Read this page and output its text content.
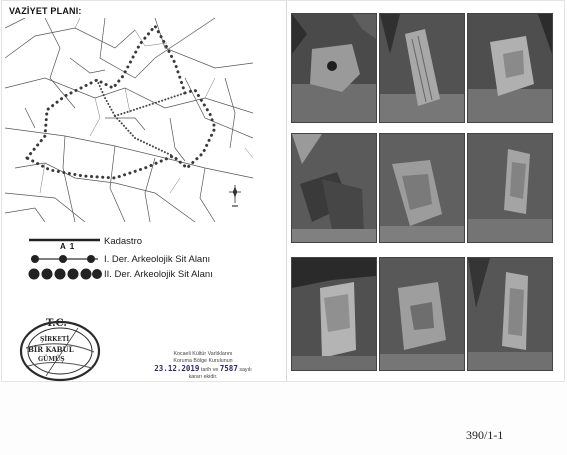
VAZİYET PLANI:
Kadastro
A 1
I. Der. Arkeolojik Sit Alanı
II. Der. Arkeolojik Sit Alanı
T.C.
ŞİRKETİ
BİR KABUL
GÜMÜŞ
Kocaeli Kültür Varlıklarını
Koruma Bölge Kurulunun
23.12.2019 tarih ve 7587 sayılı
kararı ekidir.
390/1-1
